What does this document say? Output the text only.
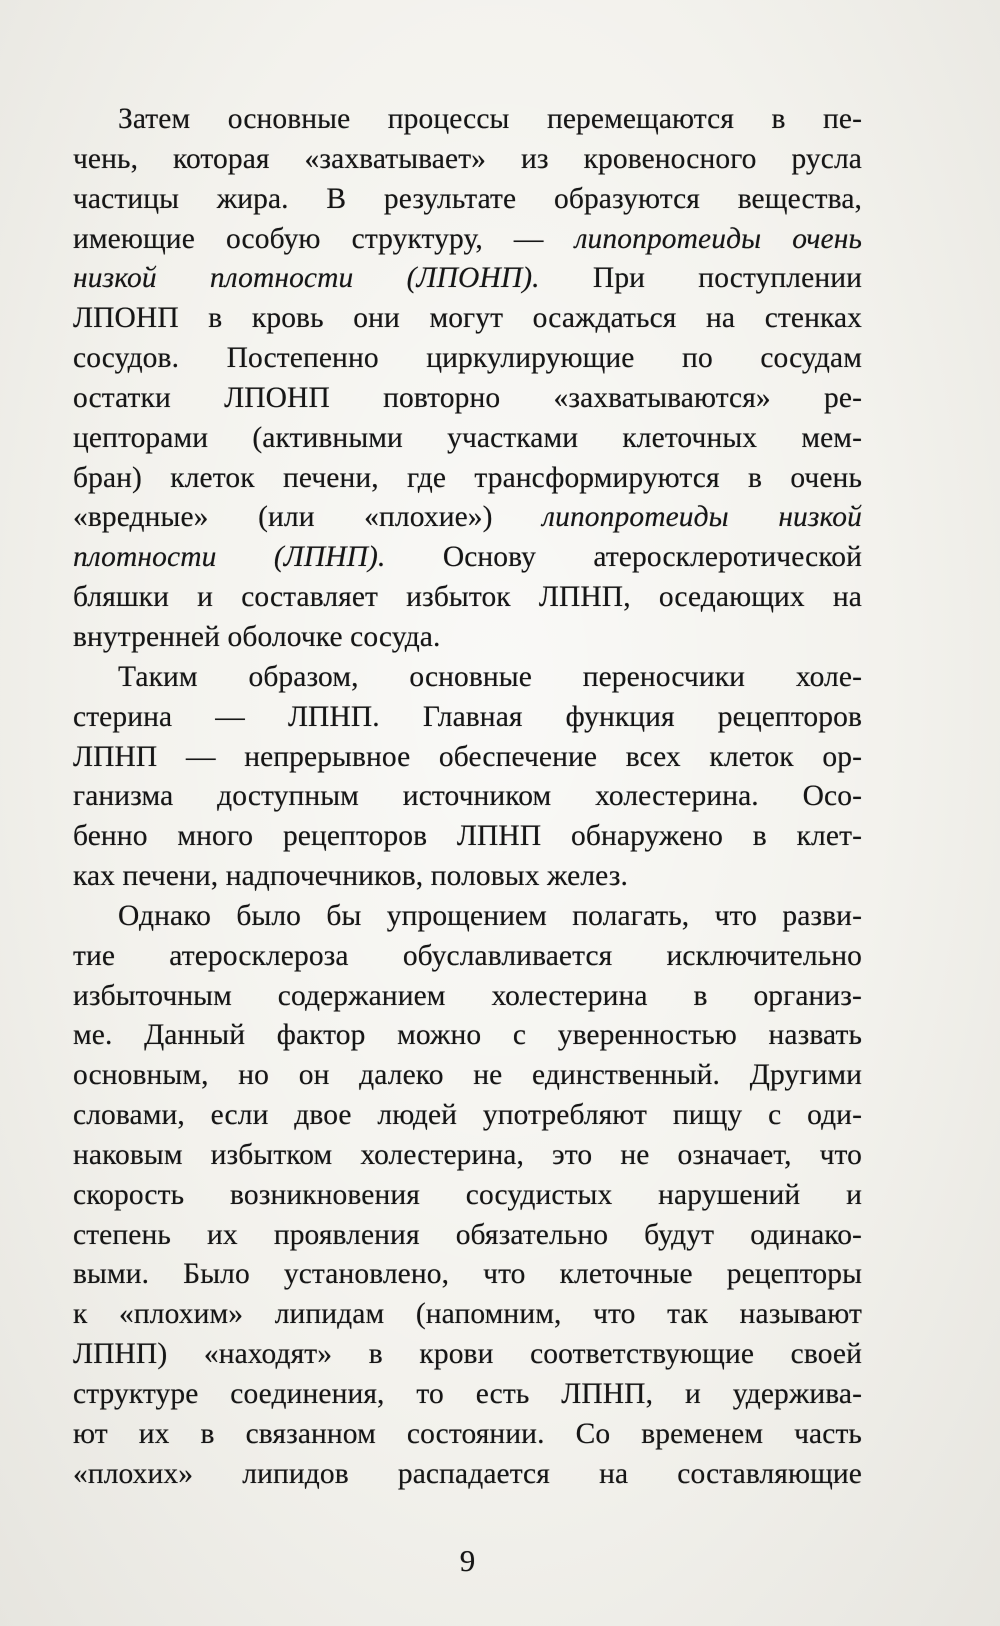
Затем основные процессы перемещаются в пе-
чень, которая «захватывает» из кровеносного русла
частицы жира. В результате образуются вещества,
имеющие особую структуру, — липопротеиды очень
низкой плотности (ЛПОНП). При поступлении
ЛПОНП в кровь они могут осаждаться на стенках
сосудов. Постепенно циркулирующие по сосудам
остатки ЛПОНП повторно «захватываются» ре-
цепторами (активными участками клеточных мем-
бран) клеток печени, где трансформируются в очень
«вредные» (или «плохие») липопротеиды низкой
плотности (ЛПНП). Основу атеросклеротической
бляшки и составляет избыток ЛПНП, оседающих на
внутренней оболочке сосуда.
Таким образом, основные переносчики холе-
стерина — ЛПНП. Главная функция рецепторов
ЛПНП — непрерывное обеспечение всех клеток ор-
ганизма доступным источником холестерина. Осо-
бенно много рецепторов ЛПНП обнаружено в клет-
ках печени, надпочечников, половых желез.
Однако было бы упрощением полагать, что разви-
тие атеросклероза обуславливается исключительно
избыточным содержанием холестерина в организ-
ме. Данный фактор можно с уверенностью назвать
основным, но он далеко не единственный. Другими
словами, если двое людей употребляют пищу с оди-
наковым избытком холестерина, это не означает, что
скорость возникновения сосудистых нарушений и
степень их проявления обязательно будут одинако-
выми. Было установлено, что клеточные рецепторы
к «плохим» липидам (напомним, что так называют
ЛПНП) «находят» в крови соответствующие своей
структуре соединения, то есть ЛПНП, и удержива-
ют их в связанном состоянии. Со временем часть
«плохих» липидов распадается на составляющие
9
